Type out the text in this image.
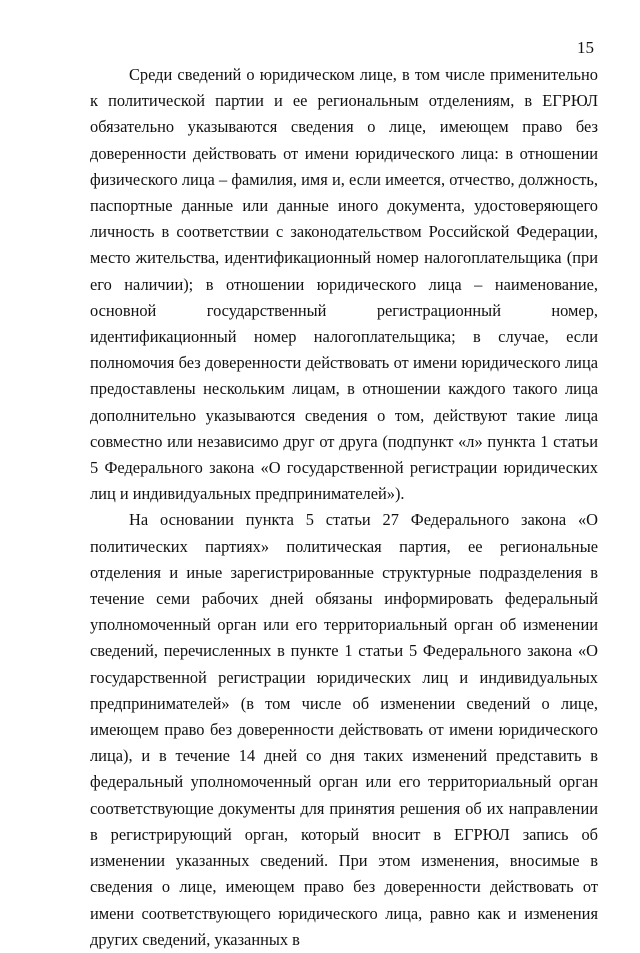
15

Среди сведений о юридическом лице, в том числе применительно к политической партии и ее региональным отделениям, в ЕГРЮЛ обязательно указываются сведения о лице, имеющем право без доверенности действовать от имени юридического лица: в отношении физического лица – фамилия, имя и, если имеется, отчество, должность, паспортные данные или данные иного документа, удостоверяющего личность в соответствии с законодательством Российской Федерации, место жительства, идентификационный номер налогоплательщика (при его наличии); в отношении юридического лица – наименование, основной государственный регистрационный номер, идентификационный номер налогоплательщика; в случае, если полномочия без доверенности действовать от имени юридического лица предоставлены нескольким лицам, в отношении каждого такого лица дополнительно указываются сведения о том, действуют такие лица совместно или независимо друг от друга (подпункт «л» пункта 1 статьи 5 Федерального закона «О государственной регистрации юридических лиц и индивидуальных предпринимателей»).

На основании пункта 5 статьи 27 Федерального закона «О политических партиях» политическая партия, ее региональные отделения и иные зарегистрированные структурные подразделения в течение семи рабочих дней обязаны информировать федеральный уполномоченный орган или его территориальный орган об изменении сведений, перечисленных в пункте 1 статьи 5 Федерального закона «О государственной регистрации юридических лиц и индивидуальных предпринимателей» (в том числе об изменении сведений о лице, имеющем право без доверенности действовать от имени юридического лица), и в течение 14 дней со дня таких изменений представить в федеральный уполномоченный орган или его территориальный орган соответствующие документы для принятия решения об их направлении в регистрирующий орган, который вносит в ЕГРЮЛ запись об изменении указанных сведений. При этом изменения, вносимые в сведения о лице, имеющем право без доверенности действовать от имени соответствующего юридического лица, равно как и изменения других сведений, указанных в
